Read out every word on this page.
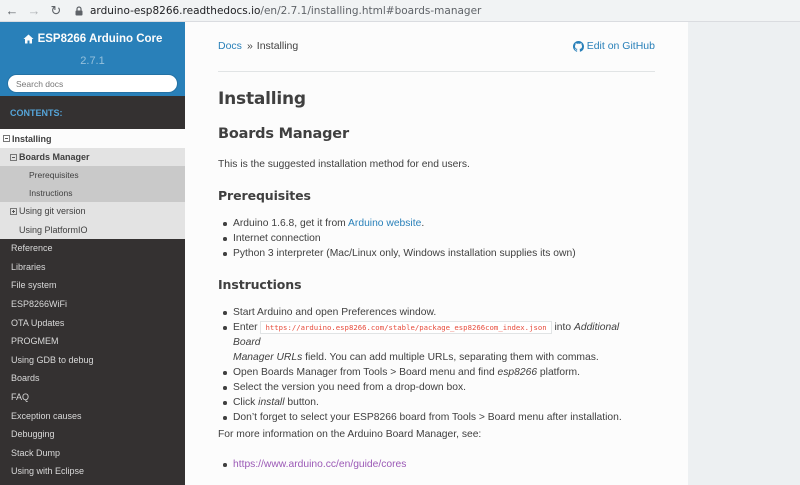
← → ↻	arduino-esp8266.readthedocs.io /en/2.7.1/installing.html#boards-manager
ESP8266 Arduino Core
2.7.1
Search docs
CONTENTS:
Installing
Boards Manager
Prerequisites
Instructions
Using git version
Using PlatformIO
Reference
Libraries
File system
ESP8266WiFi
OTA Updates
PROGMEM
Using GDB to debug
Boards
FAQ
Exception causes
Debugging
Stack Dump
Using with Eclipse
Docs » Installing	Edit on GitHub
Installing
Boards Manager
This is the suggested installation method for end users.
Prerequisites
Arduino 1.6.8, get it from Arduino website.
Internet connection
Python 3 interpreter (Mac/Linux only, Windows installation supplies its own)
Instructions
Start Arduino and open Preferences window.
Enter https://arduino.esp8266.com/stable/package_esp8266com_index.json into Additional Board
Manager URLs field. You can add multiple URLs, separating them with commas.
Open Boards Manager from Tools > Board menu and find esp8266 platform.
Select the version you need from a drop-down box.
Click install button.
Don’t forget to select your ESP8266 board from Tools > Board menu after installation.
For more information on the Arduino Board Manager, see:
https://www.arduino.cc/en/guide/cores
